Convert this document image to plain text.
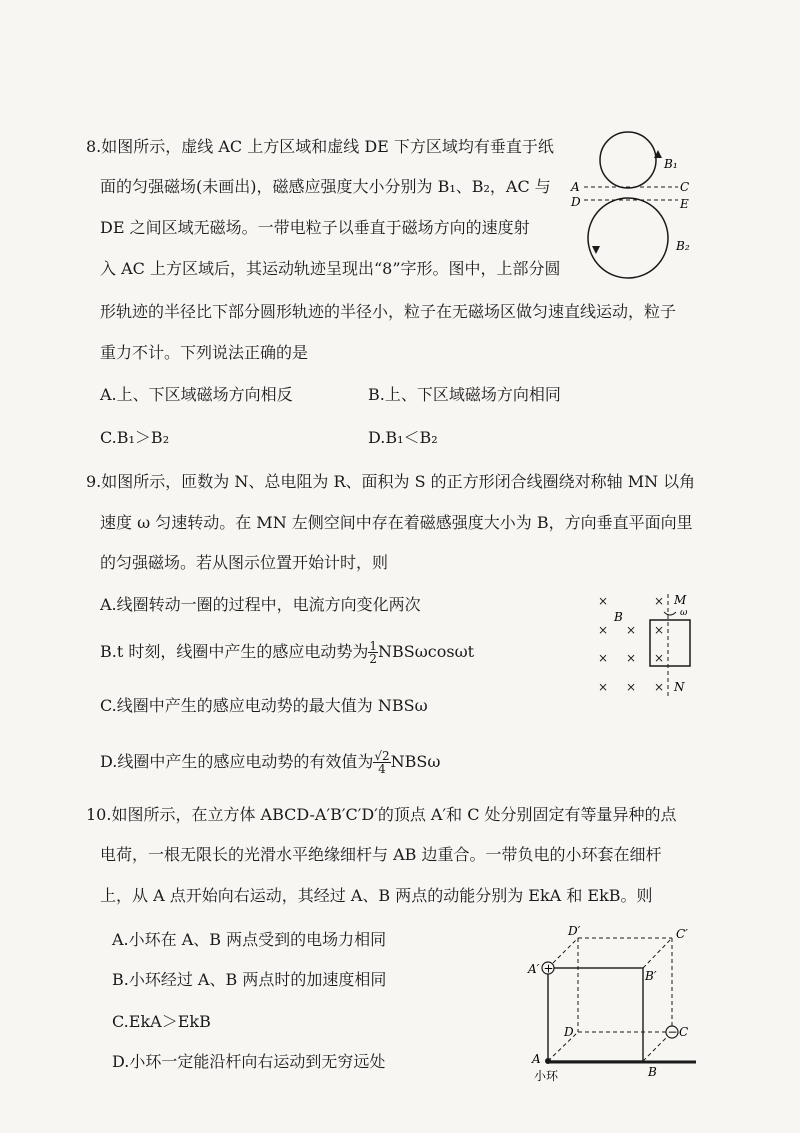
8.如图所示，虚线 AC 上方区域和虚线 DE 下方区域均有垂直于纸
面的匀强磁场(未画出)，磁感应强度大小分别为 B₁、B₂，AC 与
DE 之间区域无磁场。一带电粒子以垂直于磁场方向的速度射
入 AC 上方区域后，其运动轨迹呈现出“8”字形。图中，上部分圆
形轨迹的半径比下部分圆形轨迹的半径小，粒子在无磁场区做匀速直线运动，粒子
重力不计。下列说法正确的是
A.上、下区域磁场方向相反	B.上、下区域磁场方向相同
C.B₁＞B₂	D.B₁＜B₂
A	C
D	E
B₁
B₂
9.如图所示，匝数为 N、总电阻为 R、面积为 S 的正方形闭合线圈绕对称轴 MN 以角
速度 ω 匀速转动。在 MN 左侧空间中存在着磁感强度大小为 B，方向垂直平面向里
的匀强磁场。若从图示位置开始计时，则
A.线圈转动一圈的过程中，电流方向变化两次
B.t 时刻，线圈中产生的感应电动势为 $\frac{1}{2}$ NBSωcosωt
C.线圈中产生的感应电动势的最大值为 NBSω
D.线圈中产生的感应电动势的有效值为 $\frac{√2}{4}$ NBSω
×	×
× × ×
× × ×
× × ×
B
M
ω
N
10.如图所示，在立方体 ABCD-A′B′C′D′的顶点 A′和 C 处分别固定有等量异种的点
电荷，一根无限长的光滑水平绝缘细杆与 AB 边重合。一带负电的小环套在细杆
上，从 A 点开始向右运动，其经过 A、B 两点的动能分别为 EkA 和 EkB。则
A.小环在 A、B 两点受到的电场力相同
B.小环经过 A、B 两点时的加速度相同
C.EkA＞EkB
D.小环一定能沿杆向右运动到无穷远处
+
−
D′	C′
A′	B′
D	C
A
B
小环
